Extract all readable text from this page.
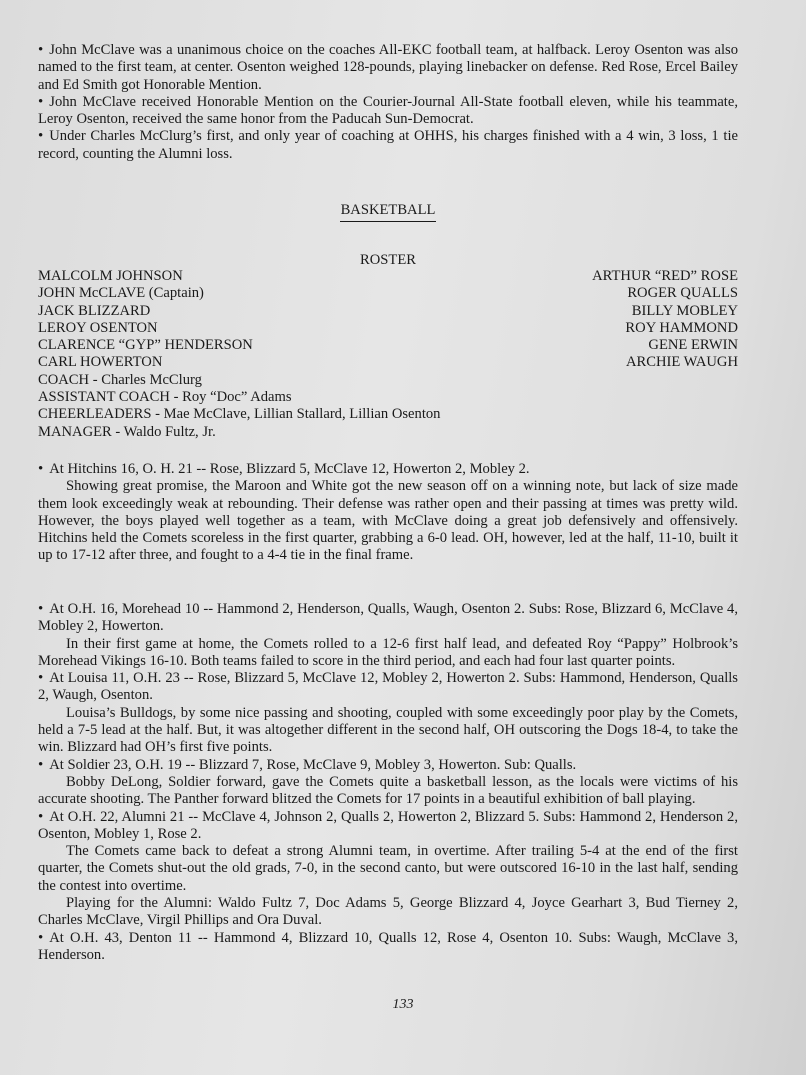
• John McClave was a unanimous choice on the coaches All-EKC football team, at halfback. Leroy Osenton was also named to the first team, at center. Osenton weighed 128-pounds, playing linebacker on defense. Red Rose, Ercel Bailey and Ed Smith got Honorable Mention.

• John McClave received Honorable Mention on the Courier-Journal All-State football eleven, while his teammate, Leroy Osenton, received the same honor from the Paducah Sun-Democrat.

• Under Charles McClurg’s first, and only year of coaching at OHHS, his charges finished with a 4 win, 3 loss, 1 tie record, counting the Alumni loss.

BASKETBALL

ROSTER

MALCOLM JOHNSON
JOHN McCLAVE (Captain)
JACK BLIZZARD
LEROY OSENTON
CLARENCE “GYP” HENDERSON
CARL HOWERTON
COACH - Charles McClurg
ASSISTANT COACH - Roy “Doc” Adams
CHEERLEADERS - Mae McClave, Lillian Stallard, Lillian Osenton
MANAGER - Waldo Fultz, Jr.
ARTHUR “RED” ROSE
ROGER QUALLS
BILLY MOBLEY
ROY HAMMOND
GENE ERWIN
ARCHIE WAUGH

• At Hitchins 16, O. H. 21 -- Rose, Blizzard 5, McClave 12, Howerton 2, Mobley 2.

Showing great promise, the Maroon and White got the new season off on a winning note, but lack of size made them look exceedingly weak at rebounding. Their defense was rather open and their passing at times was pretty wild. However, the boys played well together as a team, with McClave doing a great job defensively and offensively. Hitchins held the Comets scoreless in the first quarter, grabbing a 6-0 lead. OH, however, led at the half, 11-10, built it up to 17-12 after three, and fought to a 4-4 tie in the final frame.

• At O.H. 16, Morehead 10 -- Hammond 2, Henderson, Qualls, Waugh, Osenton 2. Subs: Rose, Blizzard 6, McClave 4, Mobley 2, Howerton.

In their first game at home, the Comets rolled to a 12-6 first half lead, and defeated Roy “Pappy” Holbrook’s Morehead Vikings 16-10. Both teams failed to score in the third period, and each had four last quarter points.

• At Louisa 11, O.H. 23 -- Rose, Blizzard 5, McClave 12, Mobley 2, Howerton 2. Subs: Hammond, Henderson, Qualls 2, Waugh, Osenton.

Louisa’s Bulldogs, by some nice passing and shooting, coupled with some exceedingly poor play by the Comets, held a 7-5 lead at the half. But, it was altogether different in the second half, OH outscoring the Dogs 18-4, to take the win. Blizzard had OH’s first five points.

• At Soldier 23, O.H. 19 -- Blizzard 7, Rose, McClave 9, Mobley 3, Howerton. Sub: Qualls.

Bobby DeLong, Soldier forward, gave the Comets quite a basketball lesson, as the locals were victims of his accurate shooting. The Panther forward blitzed the Comets for 17 points in a beautiful exhibition of ball playing.

• At O.H. 22, Alumni 21 -- McClave 4, Johnson 2, Qualls 2, Howerton 2, Blizzard 5. Subs: Hammond 2, Henderson 2, Osenton, Mobley 1, Rose 2.

The Comets came back to defeat a strong Alumni team, in overtime. After trailing 5-4 at the end of the first quarter, the Comets shut-out the old grads, 7-0, in the second canto, but were outscored 16-10 in the last half, sending the contest into overtime.

Playing for the Alumni: Waldo Fultz 7, Doc Adams 5, George Blizzard 4, Joyce Gearhart 3, Bud Tierney 2, Charles McClave, Virgil Phillips and Ora Duval.

• At O.H. 43, Denton 11 -- Hammond 4, Blizzard 10, Qualls 12, Rose 4, Osenton 10. Subs: Waugh, McClave 3, Henderson.

133
